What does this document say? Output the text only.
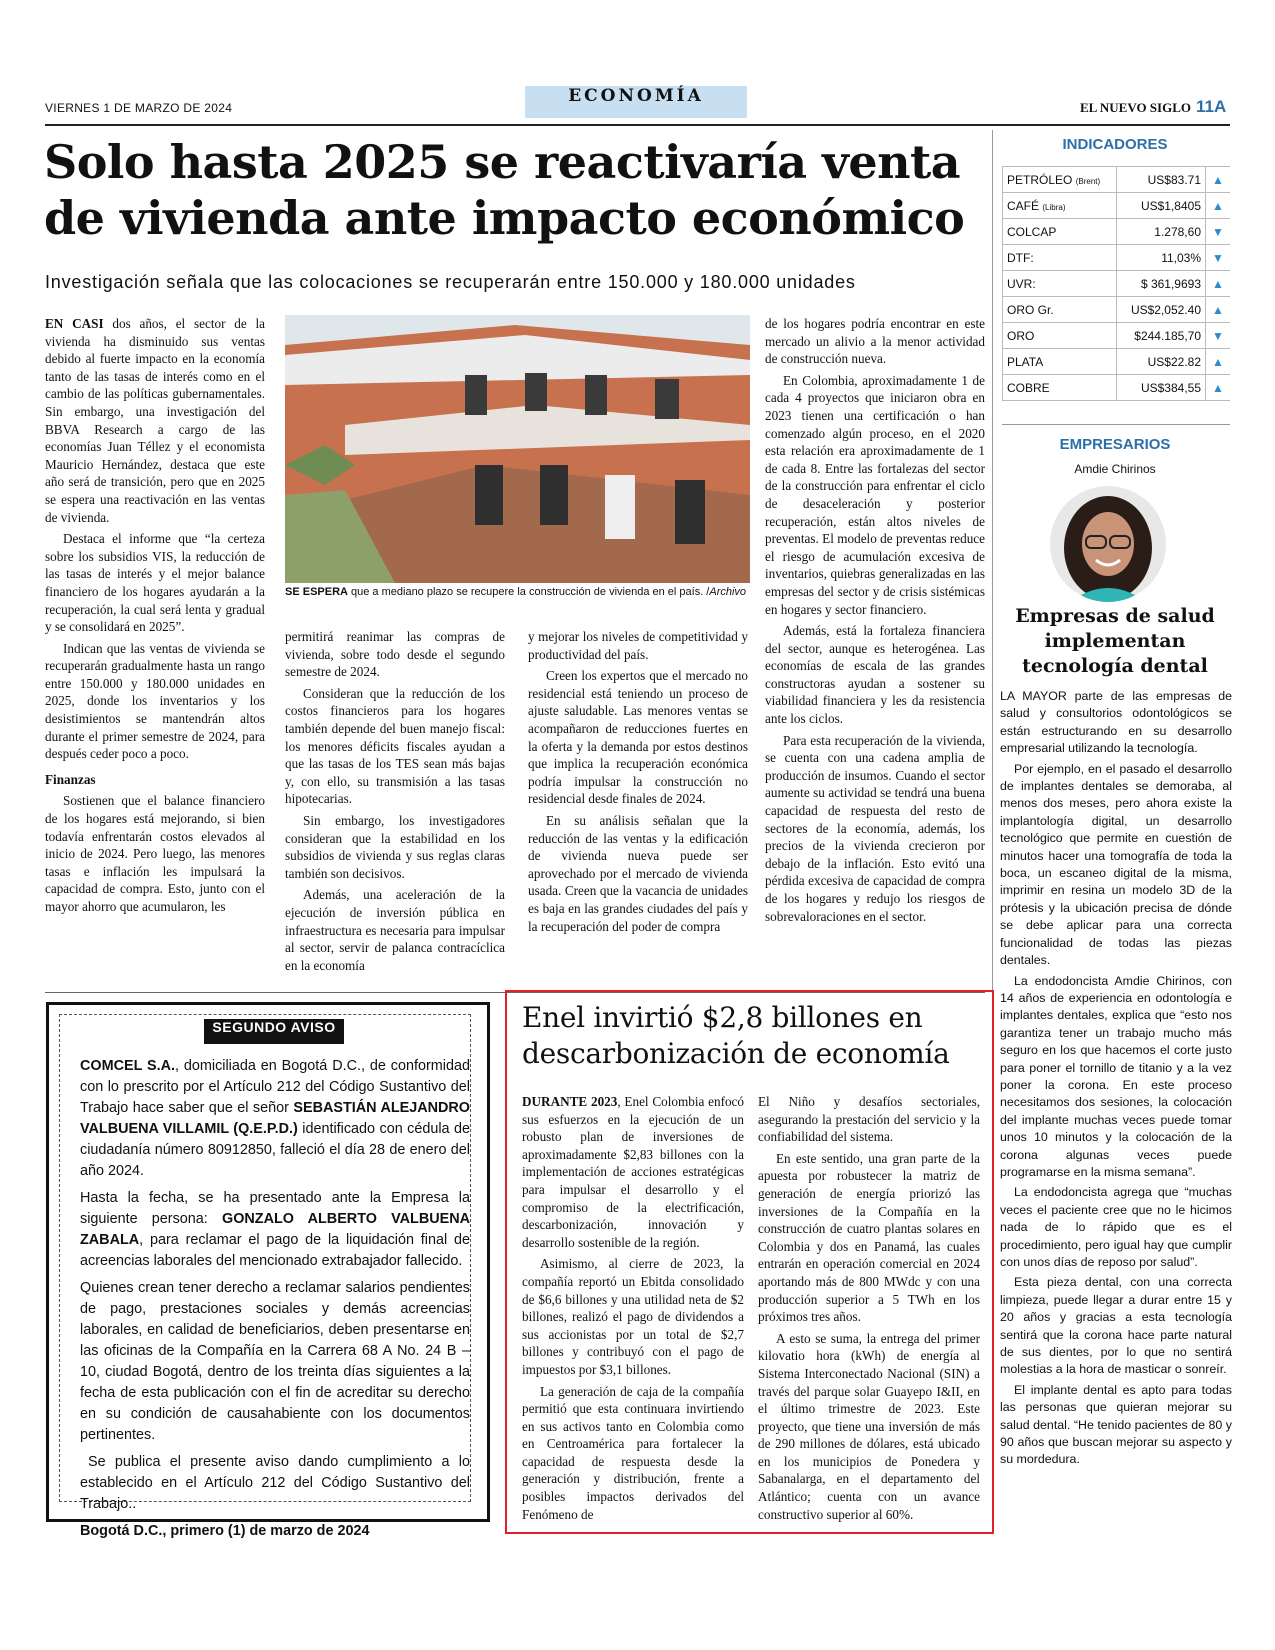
VIERNES 1 DE MARZO DE 2024
ECONOMÍA
EL NUEVO SIGLO 11A
Solo hasta 2025 se reactivaría venta de vivienda ante impacto económico
Investigación señala que las colocaciones se recuperarán entre 150.000 y 180.000 unidades

EN CASI dos años, el sector de la vivienda ha disminuido sus ventas debido al fuerte impacto en la economía tanto de las tasas de interés como en el cambio de las políticas gubernamentales. Sin embargo, una investigación del BBVA Research a cargo de las economías Juan Téllez y el economista Mauricio Hernández, destaca que este año será de transición, pero que en 2025 se espera una reactivación en las ventas de vivienda.

Destaca el informe que “la certeza sobre los subsidios VIS, la reducción de las tasas de interés y el mejor balance financiero de los hogares ayudarán a la recuperación, la cual será lenta y gradual y se consolidará en 2025”.

Indican que las ventas de vivienda se recuperarán gradualmente hasta un rango entre 150.000 y 180.000 unidades en 2025, donde los inventarios y los desistimientos se mantendrán altos durante el primer semestre de 2024, para después ceder poco a poco.

Finanzas

Sostienen que el balance financiero de los hogares está mejorando, si bien todavía enfrentarán costos elevados al inicio de 2024. Pero luego, las menores tasas e inflación les impulsará la capacidad de compra. Esto, junto con el mayor ahorro que acumularon, les

SE ESPERA que a mediano plazo se recupere la construcción de vivienda en el país. /Archivo

permitirá reanimar las compras de vivienda, sobre todo desde el segundo semestre de 2024.

Consideran que la reducción de los costos financieros para los hogares también depende del buen manejo fiscal: los menores déficits fiscales ayudan a que las tasas de los TES sean más bajas y, con ello, su transmisión a las tasas hipotecarias.

Sin embargo, los investigadores consideran que la estabilidad en los subsidios de vivienda y sus reglas claras también son decisivos.

Además, una aceleración de la ejecución de inversión pública en infraestructura es necesaria para impulsar al sector, servir de palanca contracíclica en la economía

y mejorar los niveles de competitividad y productividad del país.

Creen los expertos que el mercado no residencial está teniendo un proceso de ajuste saludable. Las menores ventas se acompañaron de reducciones fuertes en la oferta y la demanda por estos destinos que implica la recuperación económica podría impulsar la construcción no residencial desde finales de 2024.

En su análisis señalan que la reducción de las ventas y la edificación de vivienda nueva puede ser aprovechado por el mercado de vivienda usada. Creen que la vacancia de unidades es baja en las grandes ciudades del país y la recuperación del poder de compra

de los hogares podría encontrar en este mercado un alivio a la menor actividad de construcción nueva.

En Colombia, aproximadamente 1 de cada 4 proyectos que iniciaron obra en 2023 tienen una certificación o han comenzado algún proceso, en el 2020 esta relación era aproximadamente de 1 de cada 8. Entre las fortalezas del sector de la construcción para enfrentar el ciclo de desaceleración y posterior recuperación, están altos niveles de preventas. El modelo de preventas reduce el riesgo de acumulación excesiva de inventarios, quiebras generalizadas en las empresas del sector y de crisis sistémicas en hogares y sector financiero.

Además, está la fortaleza financiera del sector, aunque es heterogénea. Las economías de escala de las grandes constructoras ayudan a sostener su viabilidad financiera y les da resistencia ante los ciclos.

Para esta recuperación de la vivienda, se cuenta con una cadena amplia de producción de insumos. Cuando el sector aumente su actividad se tendrá una buena capacidad de respuesta del resto de sectores de la economía, además, los precios de la vivienda crecieron por debajo de la inflación. Esto evitó una pérdida excesiva de capacidad de compra de los hogares y redujo los riesgos de sobrevaloraciones en el sector.

INDICADORES
PETRÓLEO (Brent)	US$83.71	▲
CAFÉ (Libra)	US$1,8405	▲
COLCAP	1.278,60	▼
DTF:	11,03%	▼
UVR:	$ 361,9693	▲
ORO Gr.	US$2,052.40	▲
ORO	$244.185,70	▼
PLATA	US$22.82	▲
COBRE	US$384,55	▲
EMPRESARIOS
Amdie Chirinos
Empresas de salud implementan tecnología dental

LA MAYOR parte de las empresas de salud y consultorios odontológicos se están estructurando en su desarrollo empresarial utilizando la tecnología.

Por ejemplo, en el pasado el desarrollo de implantes dentales se demoraba, al menos dos meses, pero ahora existe la implantología digital, un desarrollo tecnológico que permite en cuestión de minutos hacer una tomografía de toda la boca, un escaneo digital de la misma, imprimir en resina un modelo 3D de la prótesis y la ubicación precisa de dónde se debe aplicar para una correcta funcionalidad de todas las piezas dentales.

La endodoncista Amdie Chirinos, con 14 años de experiencia en odontología e implantes dentales, explica que “esto nos garantiza tener un trabajo mucho más seguro en los que hacemos el corte justo para poner el tornillo de titanio y a la vez poner la corona. En este proceso necesitamos dos sesiones, la colocación del implante muchas veces puede tomar unos 10 minutos y la colocación de la corona algunas veces puede programarse en la misma semana”.

La endodoncista agrega que “muchas veces el paciente cree que no le hicimos nada de lo rápido que es el procedimiento, pero igual hay que cumplir con unos días de reposo por salud”.

Esta pieza dental, con una correcta limpieza, puede llegar a durar entre 15 y 20 años y gracias a esta tecnología sentirá que la corona hace parte natural de sus dientes, por lo que no sentirá molestias a la hora de masticar o sonreír.

El implante dental es apto para todas las personas que quieran mejorar su salud dental. “He tenido pacientes de 80 y 90 años que buscan mejorar su aspecto y su mordedura.

SEGUNDO AVISO

COMCEL S.A., domiciliada en Bogotá D.C., de conformidad con lo prescrito por el Artículo 212 del Código Sustantivo del Trabajo hace saber que el señor SEBASTIÁN ALEJANDRO VALBUENA VILLAMIL (Q.E.P.D.) identificado con cédula de ciudadanía número 80912850, falleció el día 28 de enero del año 2024.

Hasta la fecha, se ha presentado ante la Empresa la siguiente persona: GONZALO ALBERTO VALBUENA ZABALA, para reclamar el pago de la liquidación final de acreencias laborales del mencionado extrabajador fallecido.

Quienes crean tener derecho a reclamar salarios pendientes de pago, prestaciones sociales y demás acreencias laborales, en calidad de beneficiarios, deben presentarse en las oficinas de la Compañía en la Carrera 68 A No. 24 B – 10, ciudad Bogotá, dentro de los treinta días siguientes a la fecha de esta publicación con el fin de acreditar su derecho en su condición de causahabiente con los documentos pertinentes.

Se publica el presente aviso dando cumplimiento a lo establecido en el Artículo 212 del Código Sustantivo del Trabajo..

Bogotá D.C., primero (1) de marzo de 2024

Enel invirtió $2,8 billones en descarbonización de economía

DURANTE 2023, Enel Colombia enfocó sus esfuerzos en la ejecución de un robusto plan de inversiones de aproximadamente $2,83 billones con la implementación de acciones estratégicas para impulsar el desarrollo y el compromiso de la electrificación, descarbonización, innovación y desarrollo sostenible de la región.

Asimismo, al cierre de 2023, la compañía reportó un Ebitda consolidado de $6,6 billones y una utilidad neta de $2 billones, realizó el pago de dividendos a sus accionistas por un total de $2,7 billones y contribuyó con el pago de impuestos por $3,1 billones.

La generación de caja de la compañía permitió que esta continuara invirtiendo en sus activos tanto en Colombia como en Centroamérica para fortalecer la capacidad de respuesta desde la generación y distribución, frente a posibles impactos derivados del Fenómeno de

El Niño y desafíos sectoriales, asegurando la prestación del servicio y la confiabilidad del sistema.

En este sentido, una gran parte de la apuesta por robustecer la matriz de generación de energía priorizó las inversiones de la Compañía en la construcción de cuatro plantas solares en Colombia y dos en Panamá, las cuales entrarán en operación comercial en 2024 aportando más de 800 MWdc y con una producción superior a 5 TWh en los próximos tres años.

A esto se suma, la entrega del primer kilovatio hora (kWh) de energía al Sistema Interconectado Nacional (SIN) a través del parque solar Guayepo I&II, en el último trimestre de 2023. Este proyecto, que tiene una inversión de más de 290 millones de dólares, está ubicado en los municipios de Ponedera y Sabanalarga, en el departamento del Atlántico; cuenta con un avance constructivo superior al 60%.
